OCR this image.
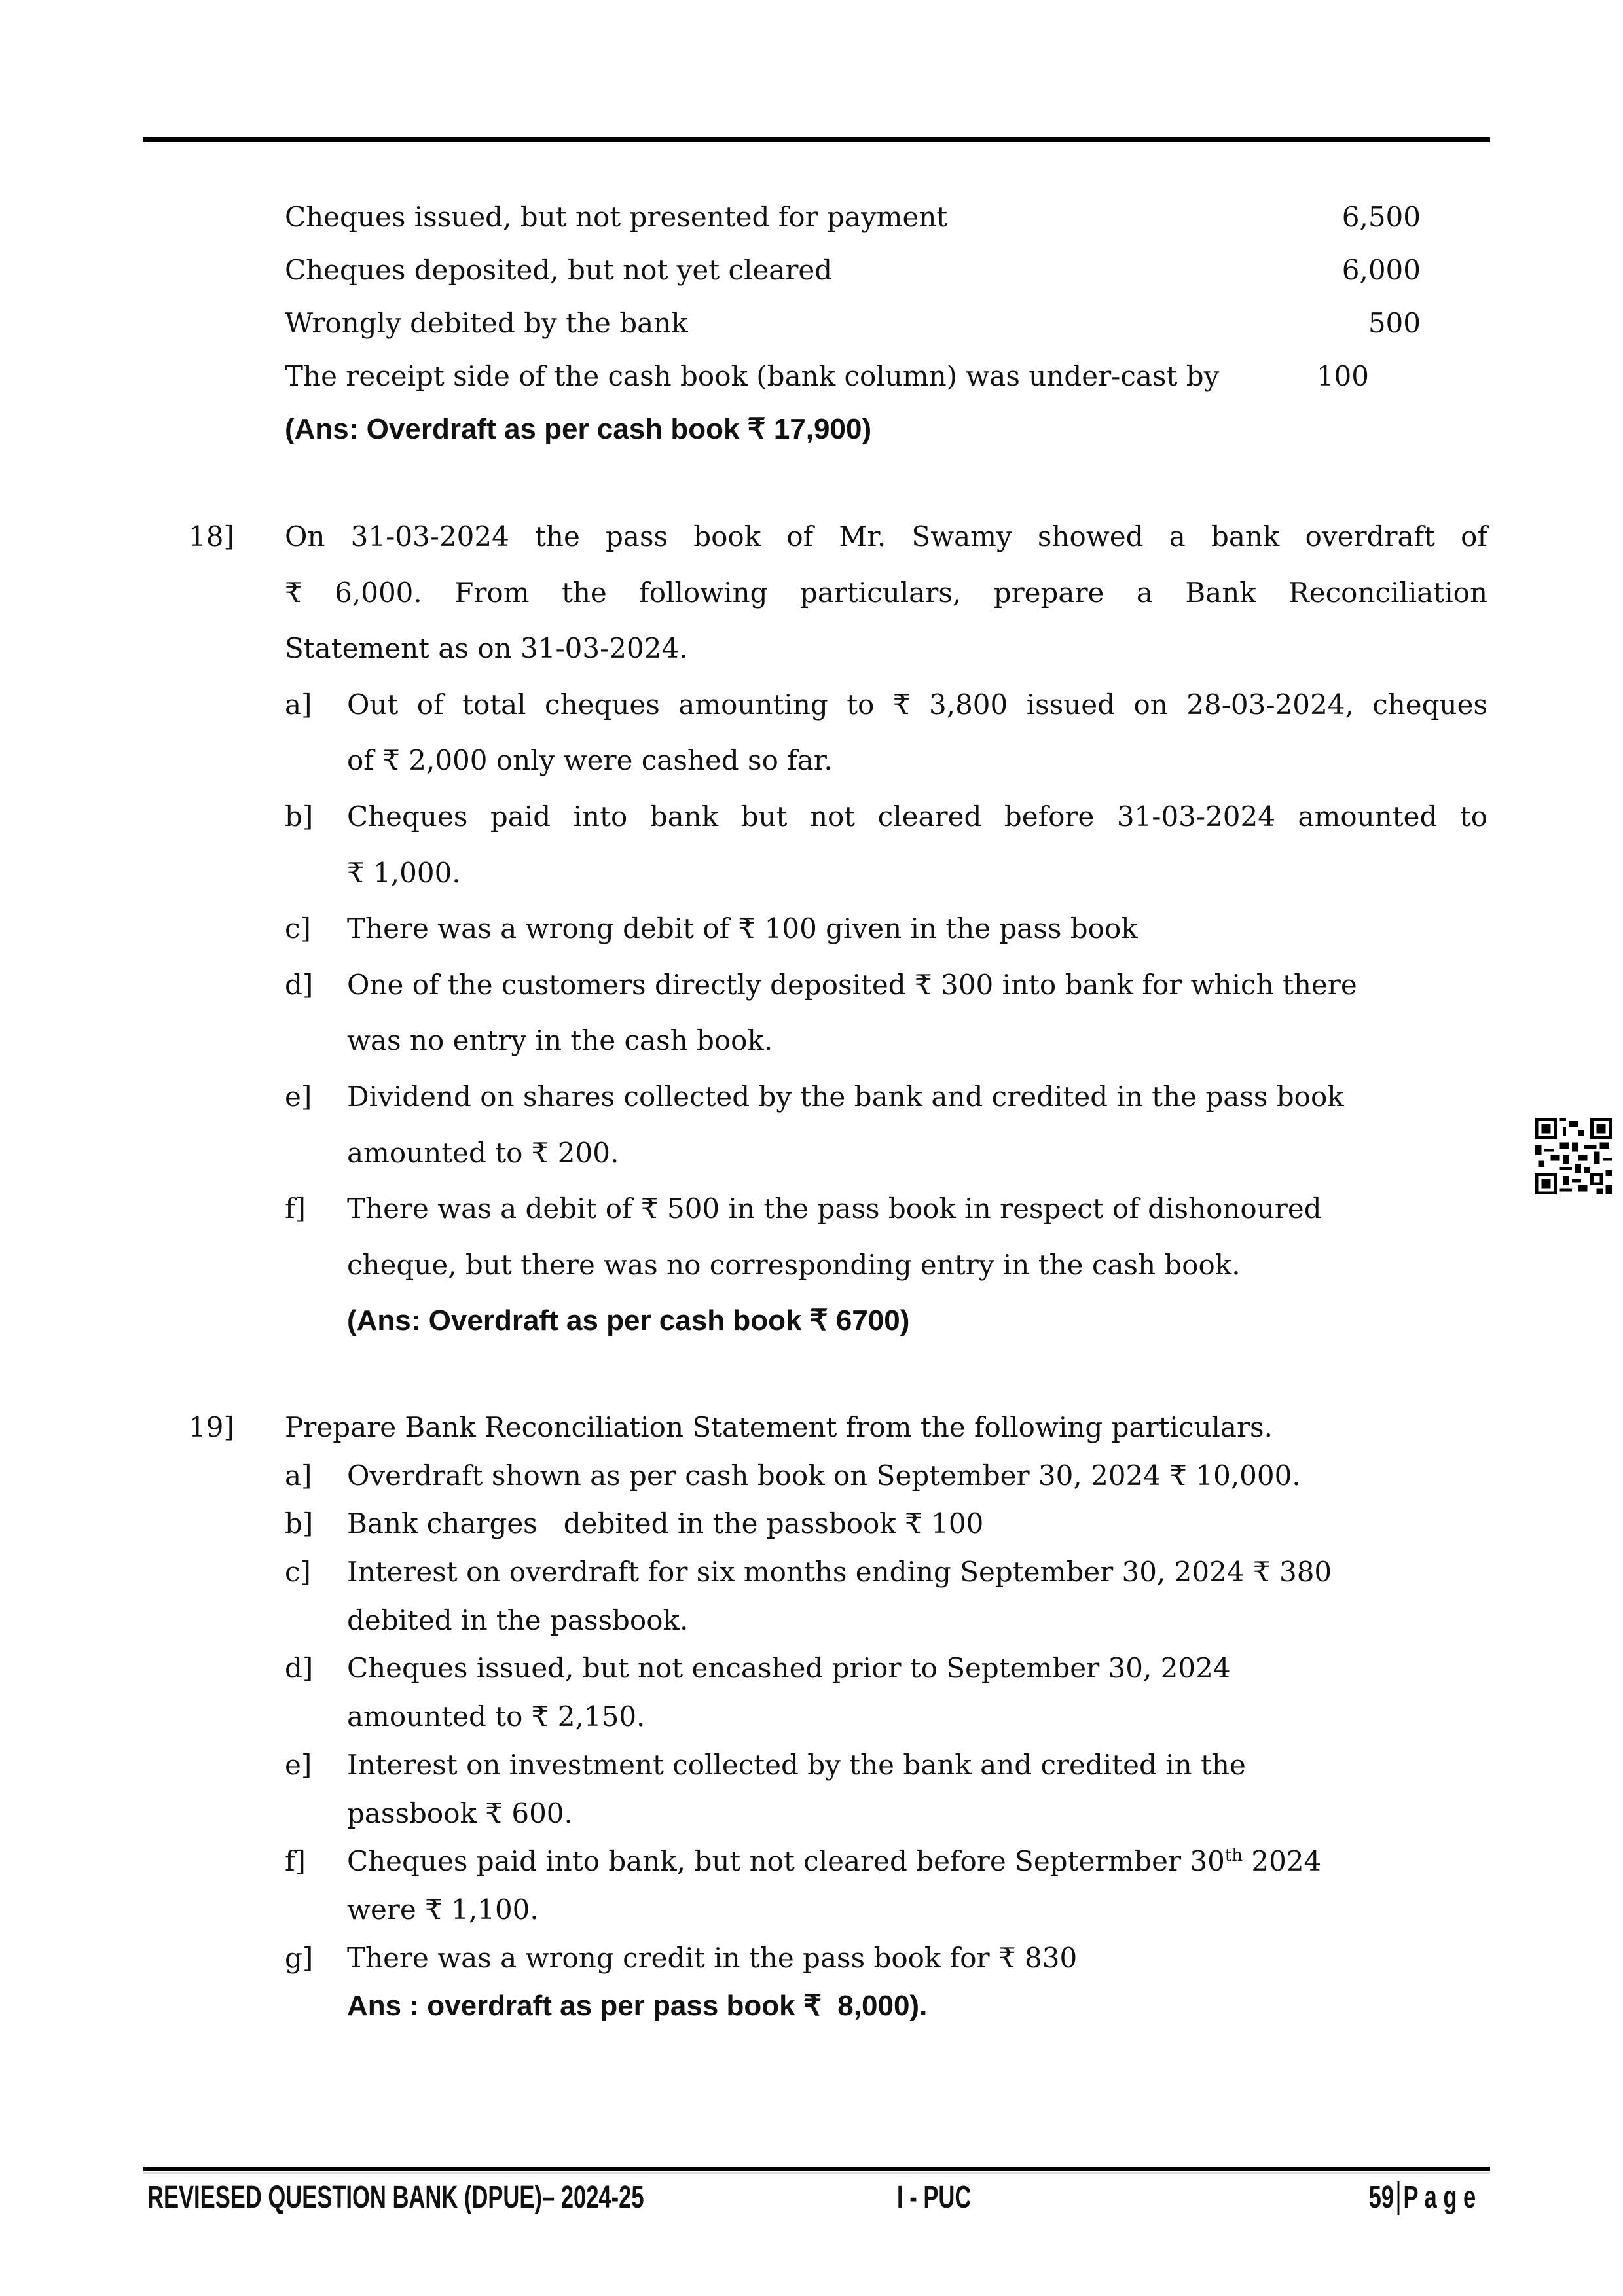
Cheques issued, but not presented for payment	6,500
Cheques deposited, but not yet cleared	6,000
Wrongly debited by the bank	500
The receipt side of the cash book (bank column) was under-cast by	100
(Ans: Overdraft as per cash book ₹ 17,900)
18] On 31-03-2024 the pass book of Mr. Swamy showed a bank overdraft of
₹ 6,000. From the following particulars, prepare a Bank Reconciliation
Statement as on 31-03-2024.
a] Out of total cheques amounting to ₹ 3,800 issued on 28-03-2024, cheques
of ₹ 2,000 only were cashed so far.
b] Cheques paid into bank but not cleared before 31-03-2024 amounted to
₹ 1,000.
c] There was a wrong debit of ₹ 100 given in the pass book
d] One of the customers directly deposited ₹ 300 into bank for which there
was no entry in the cash book.
e] Dividend on shares collected by the bank and credited in the pass book
amounted to ₹ 200.
f] There was a debit of ₹ 500 in the pass book in respect of dishonoured
cheque, but there was no corresponding entry in the cash book.
(Ans: Overdraft as per cash book ₹ 6700)
19] Prepare Bank Reconciliation Statement from the following particulars.
a] Overdraft shown as per cash book on September 30, 2024 ₹ 10,000.
b] Bank charges   debited in the passbook ₹ 100
c] Interest on overdraft for six months ending September 30, 2024 ₹ 380
debited in the passbook.
d] Cheques issued, but not encashed prior to September 30, 2024
amounted to ₹ 2,150.
e] Interest on investment collected by the bank and credited in the
passbook ₹ 600.
f] Cheques paid into bank, but not cleared before Septermber 30th 2024
were ₹ 1,100.
g] There was a wrong credit in the pass book for ₹ 830
Ans : overdraft as per pass book ₹  8,000).
REVIESED QUESTION BANK (DPUE)– 2024-25	I - PUC	59 P a g e
